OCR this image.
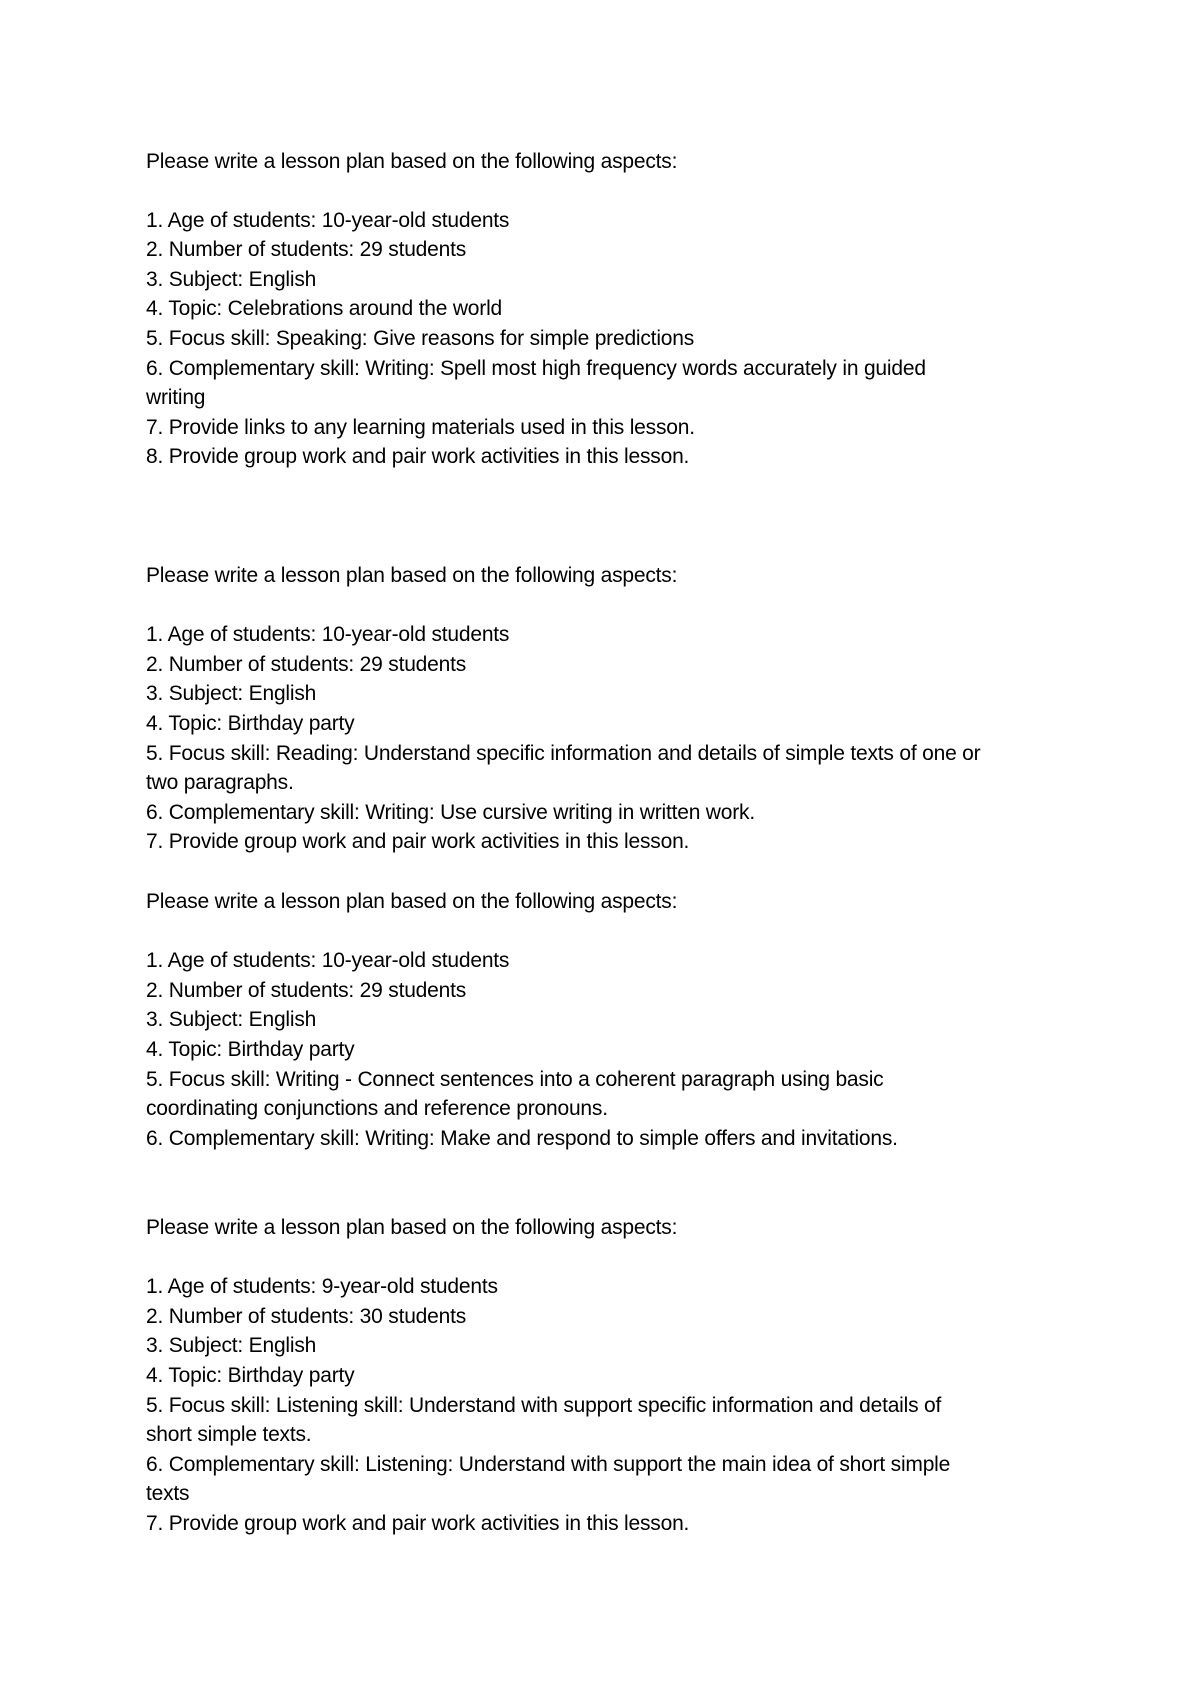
Please write a lesson plan based on the following aspects:
1. Age of students: 10-year-old students
2. Number of students: 29 students
3. Subject: English
4. Topic: Celebrations around the world
5. Focus skill: Speaking: Give reasons for simple predictions
6. Complementary skill: Writing: Spell most high frequency words accurately in guided
writing
7. Provide links to any learning materials used in this lesson.
8. Provide group work and pair work activities in this lesson.
Please write a lesson plan based on the following aspects:
1. Age of students: 10-year-old students
2. Number of students: 29 students
3. Subject: English
4. Topic: Birthday party
5. Focus skill: Reading: Understand specific information and details of simple texts of one or
two paragraphs.
6. Complementary skill: Writing: Use cursive writing in written work.
7. Provide group work and pair work activities in this lesson.
Please write a lesson plan based on the following aspects:
1. Age of students: 10-year-old students
2. Number of students: 29 students
3. Subject: English
4. Topic: Birthday party
5. Focus skill: Writing - Connect sentences into a coherent paragraph using basic
coordinating conjunctions and reference pronouns.
6. Complementary skill: Writing: Make and respond to simple offers and invitations.
Please write a lesson plan based on the following aspects:
1. Age of students: 9-year-old students
2. Number of students: 30 students
3. Subject: English
4. Topic: Birthday party
5. Focus skill: Listening skill: Understand with support specific information and details of
short simple texts.
6. Complementary skill: Listening: Understand with support the main idea of short simple
texts
7. Provide group work and pair work activities in this lesson.
